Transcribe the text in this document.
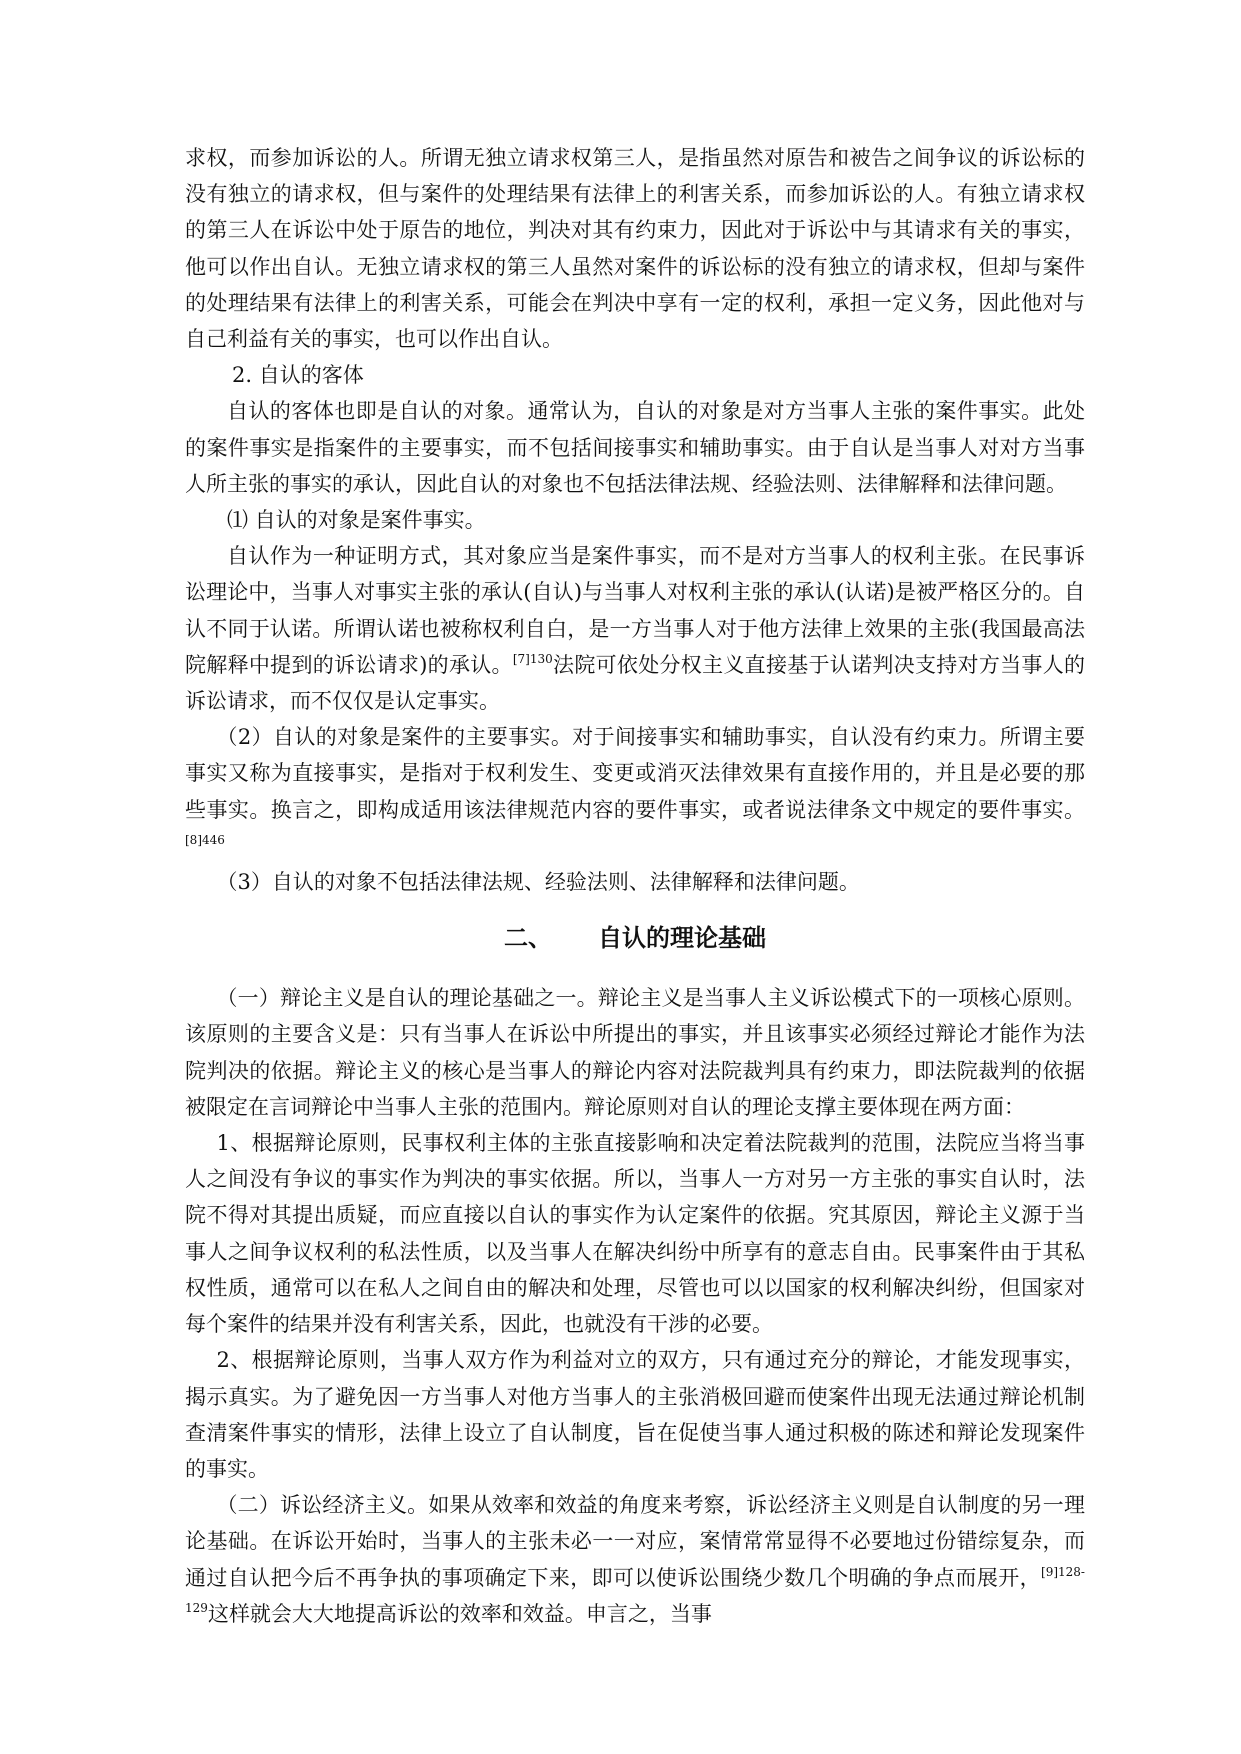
求权，而参加诉讼的人。所谓无独立请求权第三人，是指虽然对原告和被告之间争议的诉讼标的没有独立的请求权，但与案件的处理结果有法律上的利害关系，而参加诉讼的人。有独立请求权的第三人在诉讼中处于原告的地位，判决对其有约束力，因此对于诉讼中与其请求有关的事实，他可以作出自认。无独立请求权的第三人虽然对案件的诉讼标的没有独立的请求权，但却与案件的处理结果有法律上的利害关系，可能会在判决中享有一定的权利，承担一定义务，因此他对与自己利益有关的事实，也可以作出自认。

2. 自认的客体

自认的客体也即是自认的对象。通常认为，自认的对象是对方当事人主张的案件事实。此处的案件事实是指案件的主要事实，而不包括间接事实和辅助事实。由于自认是当事人对对方当事人所主张的事实的承认，因此自认的对象也不包括法律法规、经验法则、法律解释和法律问题。

⑴ 自认的对象是案件事实。

自认作为一种证明方式，其对象应当是案件事实，而不是对方当事人的权利主张。在民事诉讼理论中，当事人对事实主张的承认(自认)与当事人对权利主张的承认(认诺)是被严格区分的。自认不同于认诺。所谓认诺也被称权利自白，是一方当事人对于他方法律上效果的主张(我国最高法院解释中提到的诉讼请求)的承认。$^{[7]130}$法院可依处分权主义直接基于认诺判决支持对方当事人的诉讼请求，而不仅仅是认定事实。

（2）自认的对象是案件的主要事实。对于间接事实和辅助事实，自认没有约束力。所谓主要事实又称为直接事实，是指对于权利发生、变更或消灭法律效果有直接作用的，并且是必要的那些事实。换言之，即构成适用该法律规范内容的要件事实，或者说法律条文中规定的要件事实。$^{[8]446}$

（3）自认的对象不包括法律法规、经验法则、法律解释和法律问题。

二、 自认的理论基础

（一）辩论主义是自认的理论基础之一。辩论主义是当事人主义诉讼模式下的一项核心原则。该原则的主要含义是：只有当事人在诉讼中所提出的事实，并且该事实必须经过辩论才能作为法院判决的依据。辩论主义的核心是当事人的辩论内容对法院裁判具有约束力，即法院裁判的依据被限定在言词辩论中当事人主张的范围内。辩论原则对自认的理论支撑主要体现在两方面：

1、根据辩论原则，民事权利主体的主张直接影响和决定着法院裁判的范围，法院应当将当事人之间没有争议的事实作为判决的事实依据。所以，当事人一方对另一方主张的事实自认时，法院不得对其提出质疑，而应直接以自认的事实作为认定案件的依据。究其原因，辩论主义源于当事人之间争议权利的私法性质，以及当事人在解决纠纷中所享有的意志自由。民事案件由于其私权性质，通常可以在私人之间自由的解决和处理，尽管也可以以国家的权利解决纠纷，但国家对每个案件的结果并没有利害关系，因此，也就没有干涉的必要。

2、根据辩论原则，当事人双方作为利益对立的双方，只有通过充分的辩论，才能发现事实，揭示真实。为了避免因一方当事人对他方当事人的主张消极回避而使案件出现无法通过辩论机制查清案件事实的情形，法律上设立了自认制度，旨在促使当事人通过积极的陈述和辩论发现案件的事实。

（二）诉讼经济主义。如果从效率和效益的角度来考察，诉讼经济主义则是自认制度的另一理论基础。在诉讼开始时，当事人的主张未必一一对应，案情常常显得不必要地过份错综复杂，而通过自认把今后不再争执的事项确定下来，即可以使诉讼围绕少数几个明确的争点而展开，$^{[9]128-129}$这样就会大大地提高诉讼的效率和效益。申言之，当事
